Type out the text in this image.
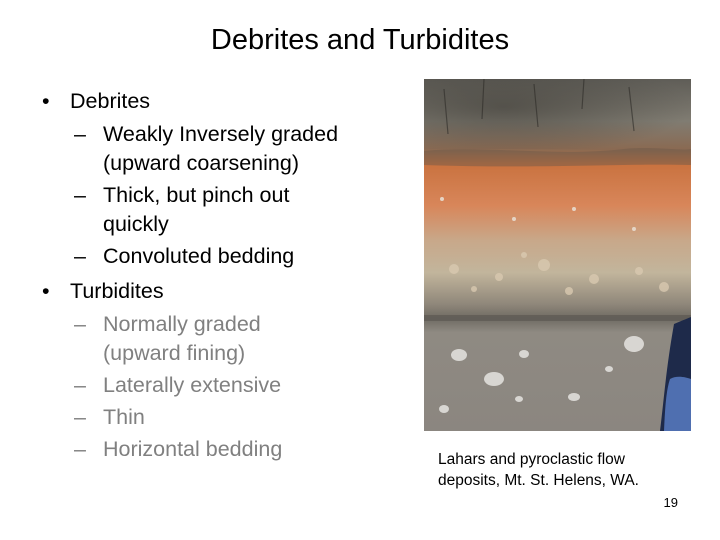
Debrites and Turbidites
• Debrites
– Weakly Inversely graded (upward coarsening)
– Thick, but pinch out quickly
– Convoluted bedding
• Turbidites
– Normally graded (upward fining)
– Laterally extensive
– Thin
– Horizontal bedding	Lahars and pyroclastic flow deposits, Mt. St. Helens, WA.
19
